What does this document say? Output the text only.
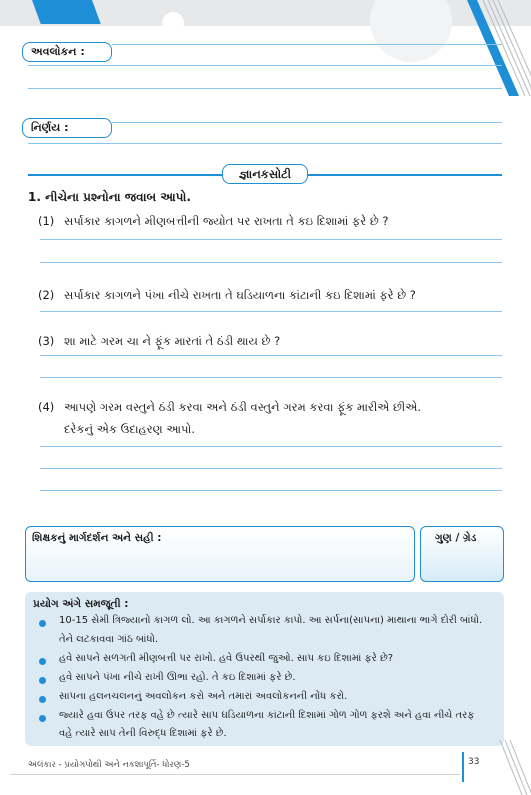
અવલોકન :
નિર્ણય :
જ્ઞાનકસોટી
1. નીચેના પ્રશ્નોના જવાબ આપો.
(1) સર્પાકાર કાગળને મીણબત્તીની જ્યોત પર રાખતા તે કઇ દિશામાં ફરે છે ?
(2) સર્પાકાર કાગળને પંખા નીચે રાખતા તે ઘડિયાળના કાંટાની કઇ દિશામાં ફરે છે ?
(3) શા માટે ગરમ ચા ને ફૂંક મારતાં તે ઠંડી થાય છે ?
(4) આપણે ગરમ વસ્તુને ઠંડી કરવા અને ઠંડી વસ્તુને ગરમ કરવા ફૂંક મારીએ છીએ.
દરેકનું એક ઉદાહરણ આપો.
શિક્ષકનું માર્ગદર્શન અને સહી :	ગુણ / ગ્રેડ
પ્રયોગ અંગે સમજૂતી :
10-15 સેમી ત્રિજ્યાનો કાગળ લો. આ કાગળને સર્પાકાર કાપો. આ સર્પના(સાપના) માથાના ભાગે દોરી બાંધો.
તેને લટકાવવા ગાંઠ બાંધો.
હવે સાપને સળગતી મીણબત્તી પર રાખો. હવે ઉપરથી જુઓ. સાપ કઇ દિશામાં ફરે છે?
હવે સાપને પંખા નીચે રાખી ઊભા રહો. તે કઇ દિશામાં ફરે છે.
સાપના હલનચલનનું અવલોકન કરો અને તમારાં અવલોકનની નોંધ કરો.
જ્યારે હવા ઉપર તરફ વહે છે ત્યારે સાપ ઘડિયાળના કાંટાની દિશામાં ગોળ ગોળ ફરશે અને હવા નીચે તરફ
વહે ત્યારે સાપ તેની વિરુદ્ધ દિશામાં ફરે છે.
અલંકાર - પ્રયોગપોથી અને નકશાપૂર્તિ- ધોરણ-5	33
